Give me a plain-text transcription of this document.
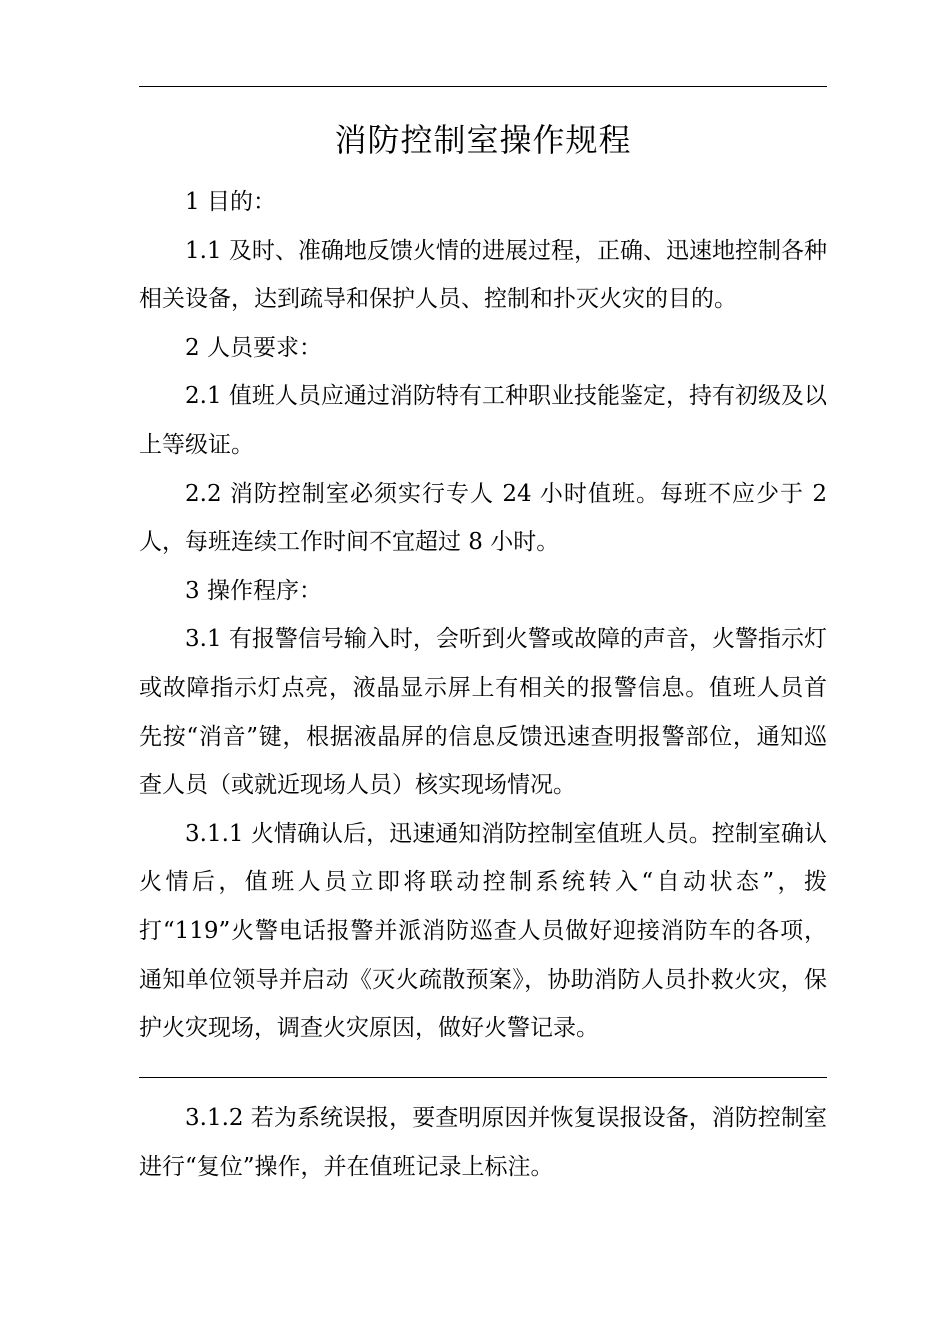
消防控制室操作规程

1 目的：

1.1 及时、准确地反馈火情的进展过程，正确、迅速地控制各种相关设备，达到疏导和保护人员、控制和扑灭火灾的目的。

2 人员要求：

2.1 值班人员应通过消防特有工种职业技能鉴定，持有初级及以上等级证。

2.2 消防控制室必须实行专人 24 小时值班。每班不应少于 2 人，每班连续工作时间不宜超过 8 小时。

3 操作程序：

3.1 有报警信号输入时，会听到火警或故障的声音，火警指示灯或故障指示灯点亮，液晶显示屏上有相关的报警信息。值班人员首先按“消音”键，根据液晶屏的信息反馈迅速查明报警部位，通知巡查人员（或就近现场人员）核实现场情况。

3.1.1 火情确认后，迅速通知消防控制室值班人员。控制室确认火情后，值班人员立即将联动控制系统转入“自动状态”，拨打“119”火警电话报警并派消防巡查人员做好迎接消防车的各项，通知单位领导并启动《灭火疏散预案》，协助消防人员扑救火灾，保护火灾现场，调查火灾原因，做好火警记录。

3.1.2 若为系统误报，要查明原因并恢复误报设备，消防控制室进行“复位”操作，并在值班记录上标注。
